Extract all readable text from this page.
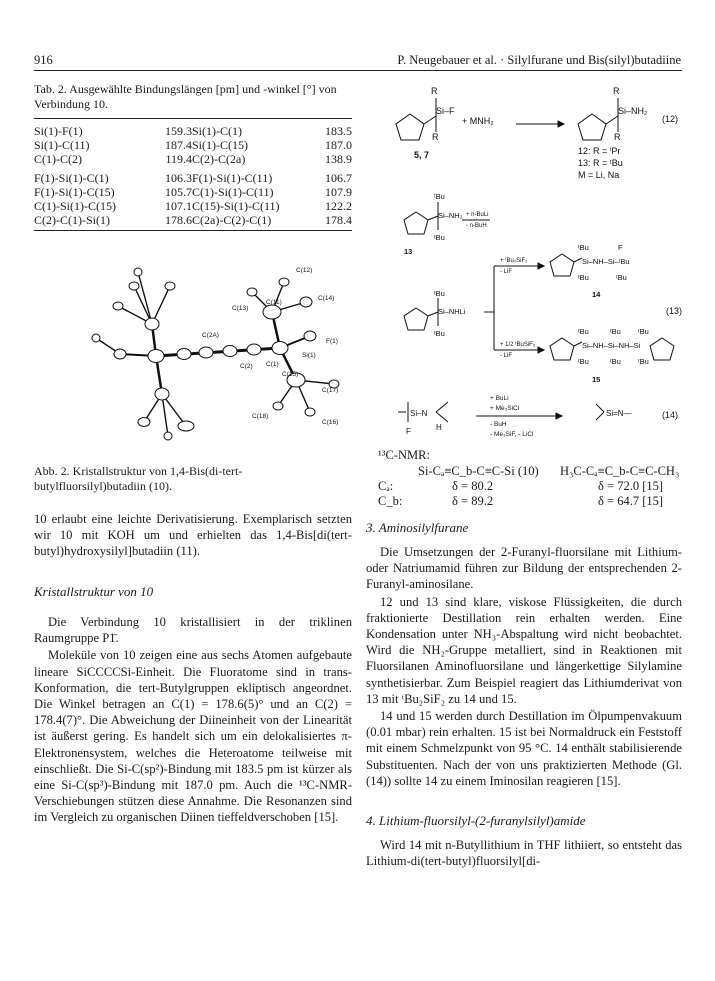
916	P. Neugebauer et al. · Silylfurane und Bis(silyl)butadiine
Tab. 2. Ausgewählte Bindungslängen [pm] und -winkel [°] von Verbindung 10.
Si(1)-F(1)	159.3	Si(1)-C(1)	183.5
Si(1)-C(11)	187.4	Si(1)-C(15)	187.0
C(1)-C(2)	119.4	C(2)-C(2a)	138.9
F(1)-Si(1)-C(1)	106.3	F(1)-Si(1)-C(11)	106.7
F(1)-Si(1)-C(15)	105.7	C(1)-Si(1)-C(11)	107.9
C(1)-Si(1)-C(15)	107.1	C(15)-Si(1)-C(11)	122.2
C(2)-C(1)-Si(1)	178.6	C(2a)-C(2)-C(1)	178.4
C(12)
C(14)
C(13)
C(11)
C(2A)
F(1)
Si(1)
C(2) C(1)
C(15)
C(17)
C(18)
C(16)
Abb. 2. Kristallstruktur von 1,4-Bis(di-tert-butylfluorsilyl)butadiin (10).

10 erlaubt eine leichte Derivatisierung. Exemplarisch setzten wir 10 mit KOH um und erhielten das 1,4-Bis[di(tert-butyl)hydroxysilyl]butadiin (11).

Kristallstruktur von 10

Die Verbindung 10 kristallisiert in der triklinen Raumgruppe P1̄.

Moleküle von 10 zeigen eine aus sechs Atomen aufgebaute lineare SiCCCCSi-Einheit. Die Fluoratome sind in trans-Konformation, die tert-Butylgruppen ekliptisch angeordnet. Die Winkel betragen an C(1) = 178.6(5)° und an C(2) = 178.4(7)°. Die Abweichung der Diineinheit von der Linearität ist äußerst gering. Es handelt sich um ein delokalisiertes π-Elektronensystem, welches die Heteroatome teilweise mit einschließt. Die Si-C(sp²)-Bindung mit 183.5 pm ist kürzer als eine Si-C(sp³)-Bindung mit 187.0 pm. Auch die ¹³C-NMR-Verschiebungen stützen diese Annahme. Die Resonanzen sind im Vergleich zu organischen Diinen tieffeldverschoben [15].

R
Si–F
R
+ MNH₂
R
Si–NH₂
R
5, 7
(12)
12: R = ⁱPr
13: R = ᵗBu
M = Li, Na
ᵗBu
Si–NH₂
ᵗBu
+ n-BuLi
- n-BuH
13
ᵗBu
Si–NHLi
ᵗBu
+ ᵗBu₂SiF₂
- LiF
ᵗBu	F
Si–NH–Si–ᵗBu
ᵗBu	ᵗBu
14
(13)
+ 1/2 ᵗBuSiF₃
- LiF
ᵗBu	ᵗBu ᵗBu
Si–NH–Si–NH–Si
ᵗBu	ᵗBu ᵗBu
15
Si–N
F	H
+ BuLi
+ Me₃SiCl
- BuH
- Me₃SiF, - LiCl
Si=N—	(14)
¹³C-NMR:
Si-Cₐ≡C_b-C≡C-Si (10) H₃C-Cₐ≡C_b-C≡C-CH₃
Cₐ:	δ = 80.2	δ = 72.0 [15]
C_b:	δ = 89.2	δ = 64.7 [15]
3. Aminosilylfurane

Die Umsetzungen der 2-Furanyl-fluorsilane mit Lithium- oder Natriumamid führen zur Bildung der entsprechenden 2-Furanyl-aminosilane.

12 und 13 sind klare, viskose Flüssigkeiten, die durch fraktionierte Destillation rein erhalten werden. Eine Kondensation unter NH₃-Abspaltung wird nicht beobachtet. Wird die NH₂-Gruppe metalliert, sind in Reaktionen mit Fluorsilanen Aminofluorsilane und längerkettige Silylamine synthetisierbar. Zum Beispiel reagiert das Lithiumderivat von 13 mit ᵗBu₂SiF₂ zu 14 und 15.

14 und 15 werden durch Destillation im Ölpumpenvakuum (0.01 mbar) rein erhalten. 15 ist bei Normaldruck ein Feststoff mit einem Schmelzpunkt von 95 °C. 14 enthält stabilisierende Substituenten. Nach der von uns praktizierten Methode (Gl. (14)) sollte 14 zu einem Iminosilan reagieren [15].

4. Lithium-fluorsilyl-(2-furanylsilyl)amide

Wird 14 mit n-Butyllithium in THF lithiiert, so entsteht das Lithium-di(tert-butyl)fluorsilyl[di-
